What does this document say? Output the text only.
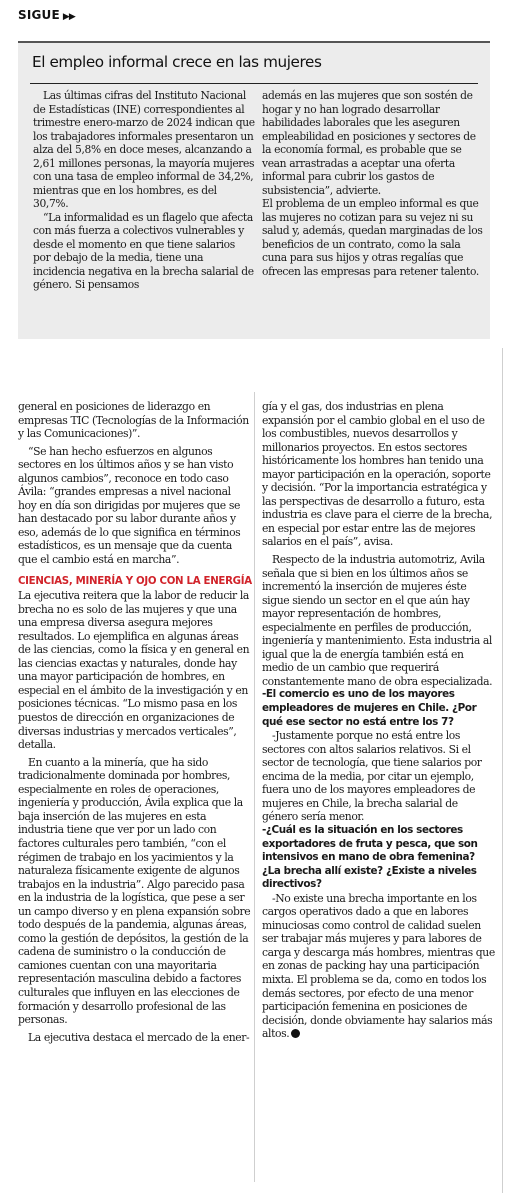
SIGUE ▶▶
El empleo informal crece en las mujeres

Las últimas cifras del Instituto Nacional de Estadísticas (INE) correspondientes al trimestre enero-marzo de 2024 indican que los trabajadores informales presentaron un alza del 5,8% en doce meses, alcanzando a 2,61 millones personas, la mayoría mujeres con una tasa de empleo informal de 34,2%, mientras que en los hombres, es del 30,7%.

“La informalidad es un flagelo que afecta con más fuerza a colectivos vulnerables y desde el momento en que tiene salarios por debajo de la media, tiene una incidencia negativa en la brecha salarial de género. Si pensamos

además en las mujeres que son sostén de hogar y no han logrado desarrollar habilidades laborales que les aseguren empleabilidad en posiciones y sectores de la economía formal, es probable que se vean arrastradas a aceptar una oferta informal para cubrir los gastos de subsistencia”, advierte.

El problema de un empleo informal es que las mujeres no cotizan para su vejez ni su salud y, además, quedan marginadas de los beneficios de un contrato, como la sala cuna para sus hijos y otras regalías que ofrecen las empresas para retener talento.

general en posiciones de liderazgo en empresas TIC (Tecnologías de la Información y las Comunicaciones)”.

“Se han hecho esfuerzos en algunos sectores en los últimos años y se han visto algunos cambios”, reconoce en todo caso Ávila: “grandes empresas a nivel nacional hoy en día son dirigidas por mujeres que se han destacado por su labor durante años y eso, además de lo que significa en términos estadísticos, es un mensaje que da cuenta que el cambio está en marcha”.

CIENCIAS, MINERÍA Y OJO CON LA ENERGÍA

La ejecutiva reitera que la labor de reducir la brecha no es solo de las mujeres y que una una empresa diversa asegura mejores resultados. Lo ejemplifica en algunas áreas de las ciencias, como la física y en general en las ciencias exactas y naturales, donde hay una mayor participación de hombres, en especial en el ámbito de la investigación y en posiciones técnicas. “Lo mismo pasa en los puestos de dirección en organizaciones de diversas industrias y mercados verticales”, detalla.

En cuanto a la minería, que ha sido tradicionalmente dominada por hombres, especialmente en roles de operaciones, ingeniería y producción, Ávila explica que la baja inserción de las mujeres en esta industria tiene que ver por un lado con factores culturales pero también, “con el régimen de trabajo en los yacimientos y la naturaleza físicamente exigente de algunos trabajos en la industria”. Algo parecido pasa en la industria de la logística, que pese a ser un campo diverso y en plena expansión sobre todo después de la pandemia, algunas áreas, como la gestión de depósitos, la gestión de la cadena de suministro o la conducción de camiones cuentan con una mayoritaria representación masculina debido a factores culturales que influyen en las elecciones de formación y desarrollo profesional de las personas.

La ejecutiva destaca el mercado de la ener-

gía y el gas, dos industrias en plena expansión por el cambio global en el uso de los combustibles, nuevos desarrollos y millonarios proyectos. En estos sectores históricamente los hombres han tenido una mayor participación en la operación, soporte y decisión. “Por la importancia estratégica y las perspectivas de desarrollo a futuro, esta industria es clave para el cierre de la brecha, en especial por estar entre las de mejores salarios en el país”, avisa.

Respecto de la industria automotriz, Avila señala que si bien en los últimos años se incrementó la inserción de mujeres éste sigue siendo un sector en el que aún hay mayor representación de hombres, especialmente en perfiles de producción, ingeniería y mantenimiento. Esta industria al igual que la de energía también está en medio de un cambio que requerirá constantemente mano de obra especializada.

-El comercio es uno de los mayores empleadores de mujeres en Chile. ¿Por qué ese sector no está entre los 7?

-Justamente porque no está entre los sectores con altos salarios relativos. Si el sector de tecnología, que tiene salarios por encima de la media, por citar un ejemplo, fuera uno de los mayores empleadores de mujeres en Chile, la brecha salarial de género sería menor.

-¿Cuál es la situación en los sectores exportadores de fruta y pesca, que son intensivos en mano de obra femenina? ¿La brecha allí existe? ¿Existe a niveles directivos?

-No existe una brecha importante en los cargos operativos dado a que en labores minuciosas como control de calidad suelen ser trabajar más mujeres y para labores de carga y descarga más hombres, mientras que en zonas de packing hay una participación mixta. El problema se da, como en todos los demás sectores, por efecto de una menor participación femenina en posiciones de decisión, donde obviamente hay salarios más altos.
